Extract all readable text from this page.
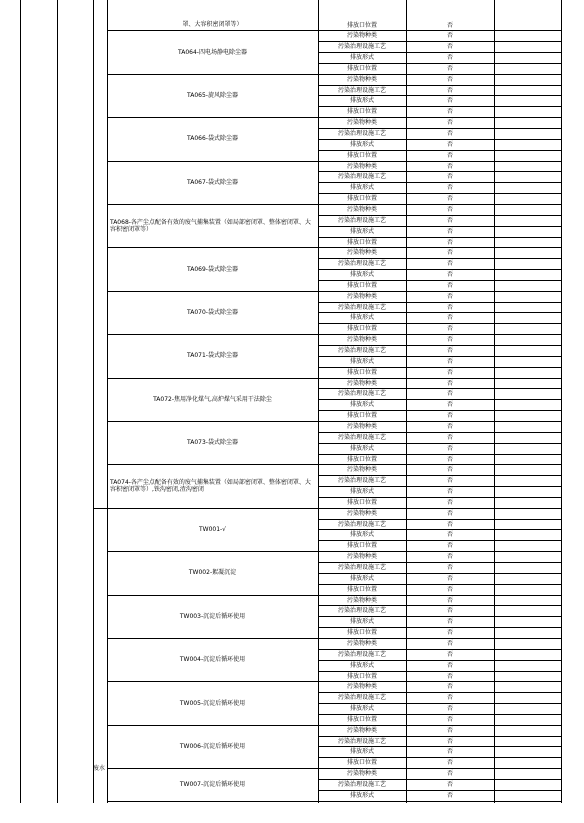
罩、大容积密闭罩等）	排放口位置	否
TA064-四电场静电除尘器
污染物种类	否
污染治理设施工艺	否
排放形式	否
排放口位置	否
TA065-旋风除尘器
污染物种类	否
污染治理设施工艺	否
排放形式	否
排放口位置	否
TA066-袋式除尘器
污染物种类	否
污染治理设施工艺	否
排放形式	否
排放口位置	否
TA067-袋式除尘器
污染物种类	否
污染治理设施工艺	否
排放形式	否
排放口位置	否
TA068-各产尘点配备有效的废气捕集装置（如局部密闭罩、整体密闭罩、大容积密闭罩等）
污染物种类	否
污染治理设施工艺	否
排放形式	否
排放口位置	否
TA069-袋式除尘器
污染物种类	否
污染治理设施工艺	否
排放形式	否
排放口位置	否
TA070-袋式除尘器
污染物种类	否
污染治理设施工艺	否
排放形式	否
排放口位置	否
TA071-袋式除尘器
污染物种类	否
污染治理设施工艺	否
排放形式	否
排放口位置	否
TA072-焦用净化煤气,高炉煤气采用干法除尘
污染物种类	否
污染治理设施工艺	否
排放形式	否
排放口位置	否
TA073-袋式除尘器
污染物种类	否
污染治理设施工艺	否
排放形式	否
排放口位置	否
TA074-各产尘点配备有效的废气捕集装置（如局部密闭罩、整体密闭罩、大容积密闭罩等）,铁沟密闭,渣沟密闭
污染物种类	否
污染治理设施工艺	否
排放形式	否
排放口位置	否
TW001-√
污染物种类	否
污染治理设施工艺	否
排放形式	否
排放口位置	否
TW002-絮凝沉淀
污染物种类	否
污染治理设施工艺	否
排放形式	否
排放口位置	否
TW003-沉淀后循环使用
污染物种类	否
污染治理设施工艺	否
排放形式	否
排放口位置	否
TW004-沉淀后循环使用
污染物种类	否
污染治理设施工艺	否
排放形式	否
排放口位置	否
TW005-沉淀后循环使用
污染物种类	否
污染治理设施工艺	否
排放形式	否
排放口位置	否
TW006-沉淀后循环使用
污染物种类	否
污染治理设施工艺	否
排放形式	否
排放口位置	否
TW007-沉淀后循环使用
污染物种类	否
污染治理设施工艺	否
排放形式	否
废水
